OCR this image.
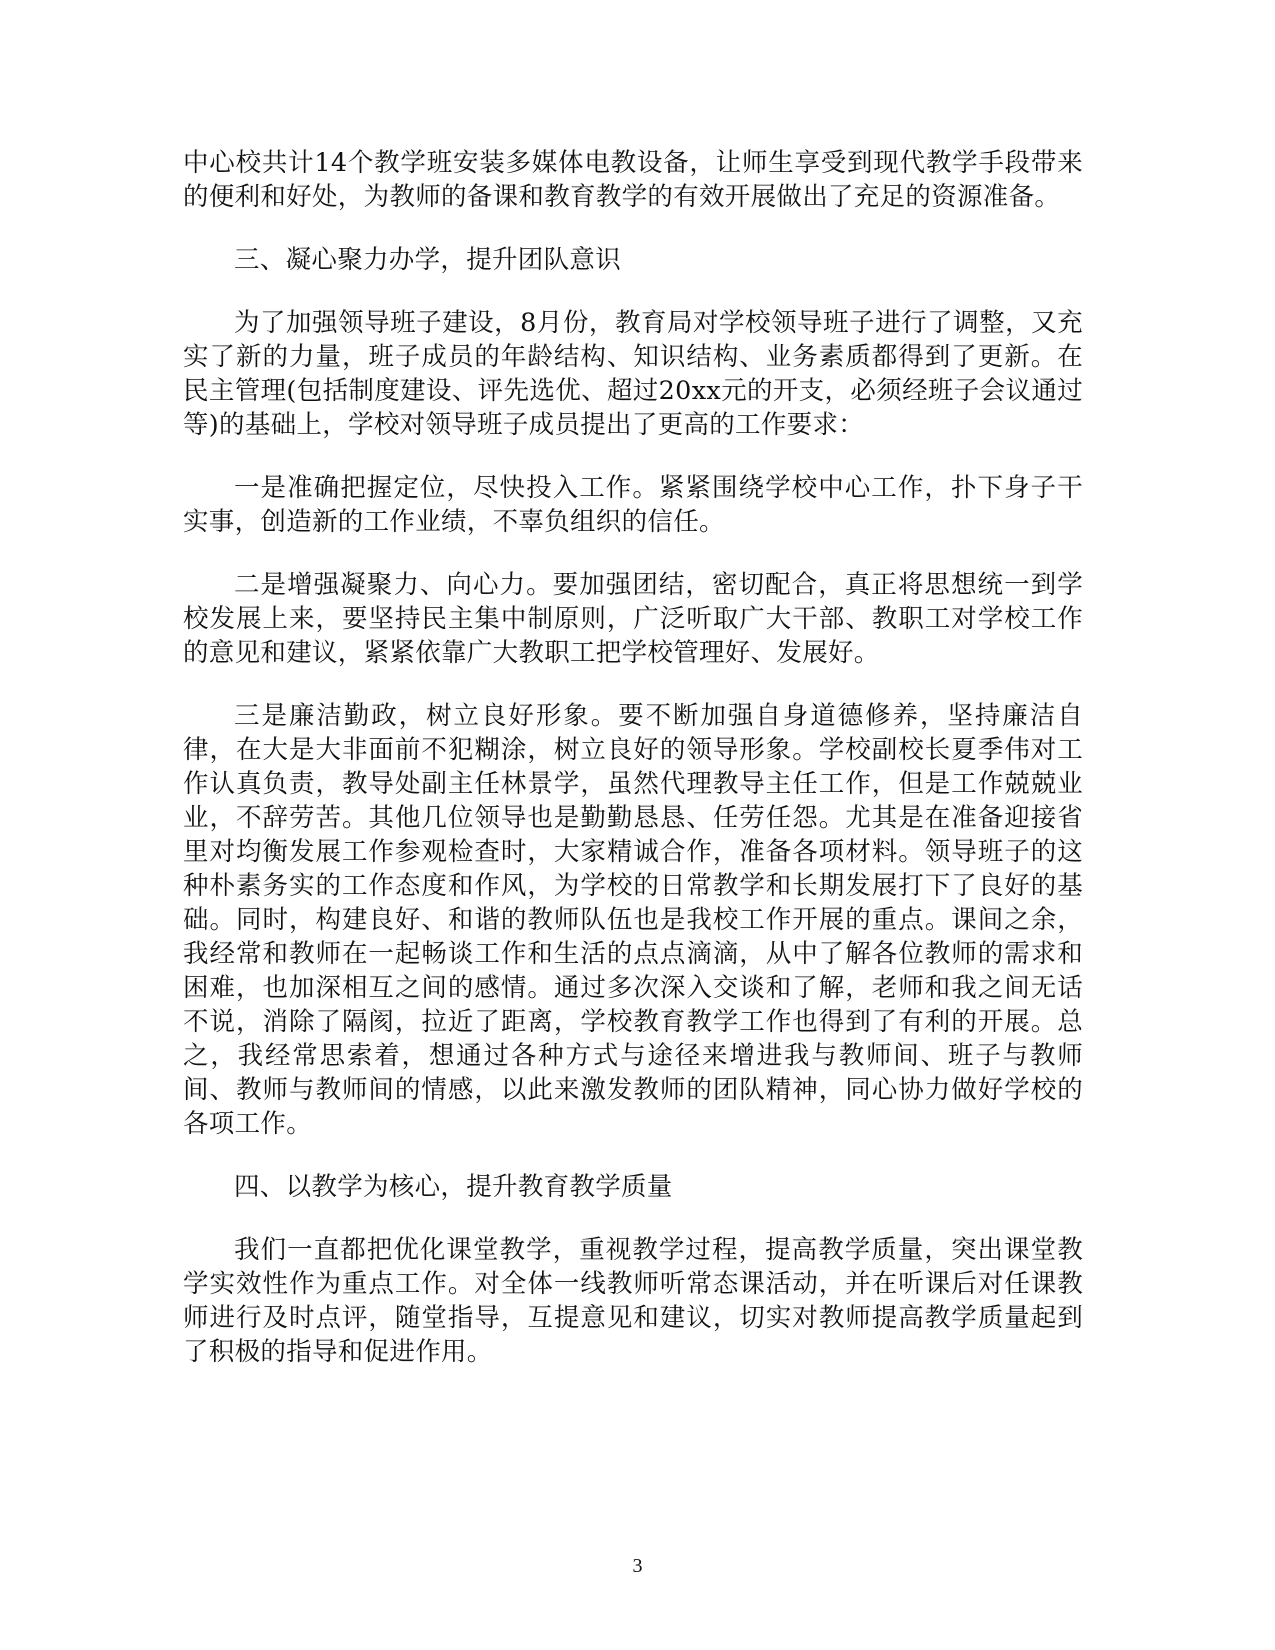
中心校共计14个教学班安装多媒体电教设备，让师生享受到现代教学手段带来的便利和好处，为教师的备课和教育教学的有效开展做出了充足的资源准备。

三、凝心聚力办学，提升团队意识

为了加强领导班子建设，8月份，教育局对学校领导班子进行了调整，又充实了新的力量，班子成员的年龄结构、知识结构、业务素质都得到了更新。在民主管理(包括制度建设、评先选优、超过20xx元的开支，必须经班子会议通过等)的基础上，学校对领导班子成员提出了更高的工作要求：

一是准确把握定位，尽快投入工作。紧紧围绕学校中心工作，扑下身子干实事，创造新的工作业绩，不辜负组织的信任。

二是增强凝聚力、向心力。要加强团结，密切配合，真正将思想统一到学校发展上来，要坚持民主集中制原则，广泛听取广大干部、教职工对学校工作的意见和建议，紧紧依靠广大教职工把学校管理好、发展好。

三是廉洁勤政，树立良好形象。要不断加强自身道德修养，坚持廉洁自律，在大是大非面前不犯糊涂，树立良好的领导形象。学校副校长夏季伟对工作认真负责，教导处副主任林景学，虽然代理教导主任工作，但是工作兢兢业业，不辞劳苦。其他几位领导也是勤勤恳恳、任劳任怨。尤其是在准备迎接省里对均衡发展工作参观检查时，大家精诚合作，准备各项材料。领导班子的这种朴素务实的工作态度和作风，为学校的日常教学和长期发展打下了良好的基础。同时，构建良好、和谐的教师队伍也是我校工作开展的重点。课间之余，我经常和教师在一起畅谈工作和生活的点点滴滴，从中了解各位教师的需求和困难，也加深相互之间的感情。通过多次深入交谈和了解，老师和我之间无话不说，消除了隔阂，拉近了距离，学校教育教学工作也得到了有利的开展。总之，我经常思索着，想通过各种方式与途径来增进我与教师间、班子与教师间、教师与教师间的情感，以此来激发教师的团队精神，同心协力做好学校的各项工作。

四、以教学为核心，提升教育教学质量

我们一直都把优化课堂教学，重视教学过程，提高教学质量，突出课堂教学实效性作为重点工作。对全体一线教师听常态课活动，并在听课后对任课教师进行及时点评，随堂指导，互提意见和建议，切实对教师提高教学质量起到了积极的指导和促进作用。

3
